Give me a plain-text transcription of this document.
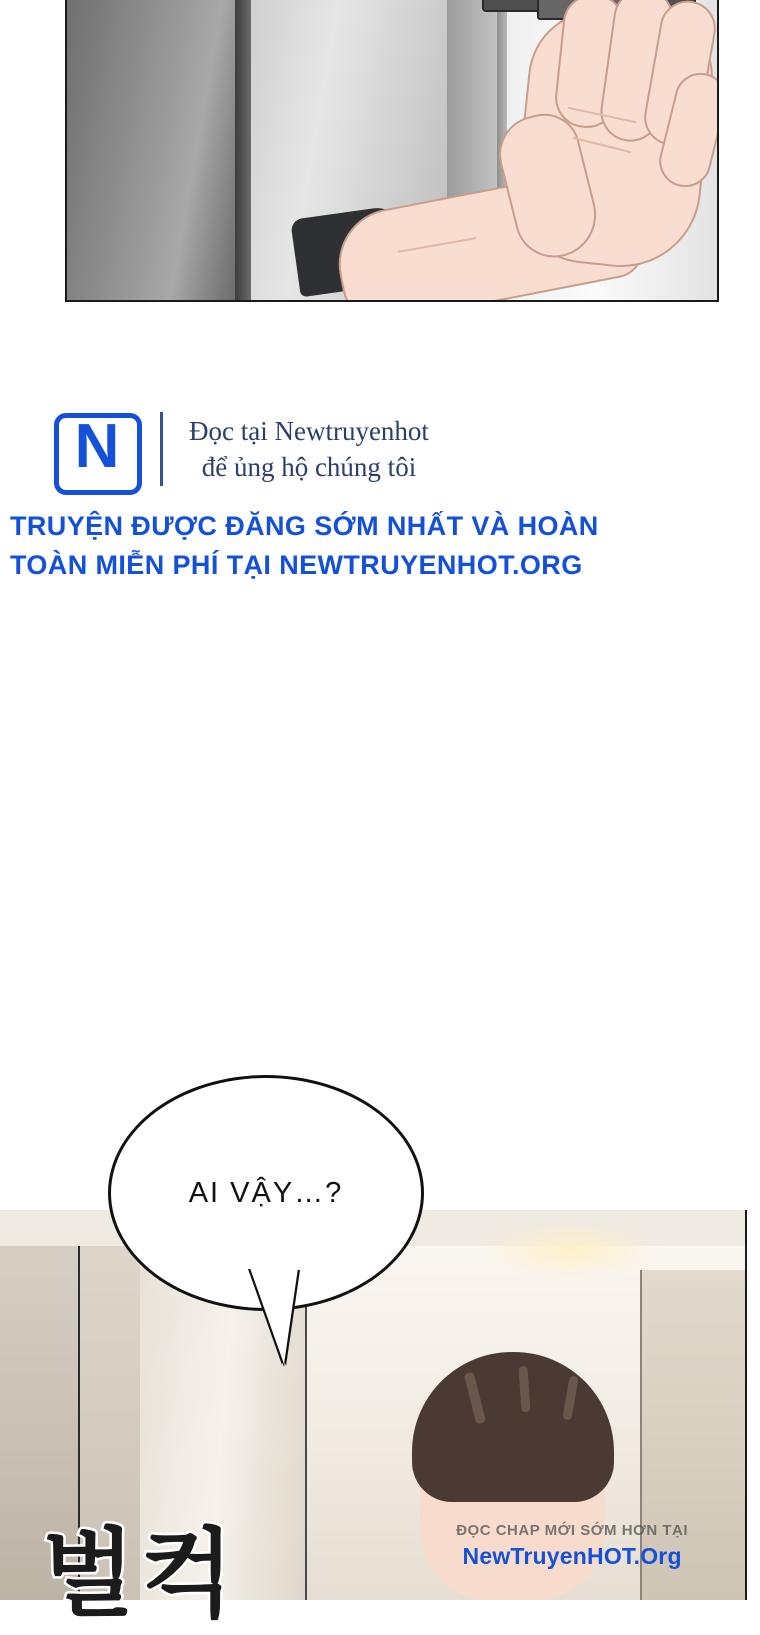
N	Đọc tại Newtruyenhot
để ủng hộ chúng tôi
TRUYỆN ĐƯỢC ĐĂNG SỚM NHẤT VÀ HOÀN
TOÀN MIỄN PHÍ TẠI NEWTRUYENHOT.ORG
AI VẬY…?
벌컥	ĐỌC CHAP MỚI SỚM HƠN TẠI
NewTruyenHOT.Org
